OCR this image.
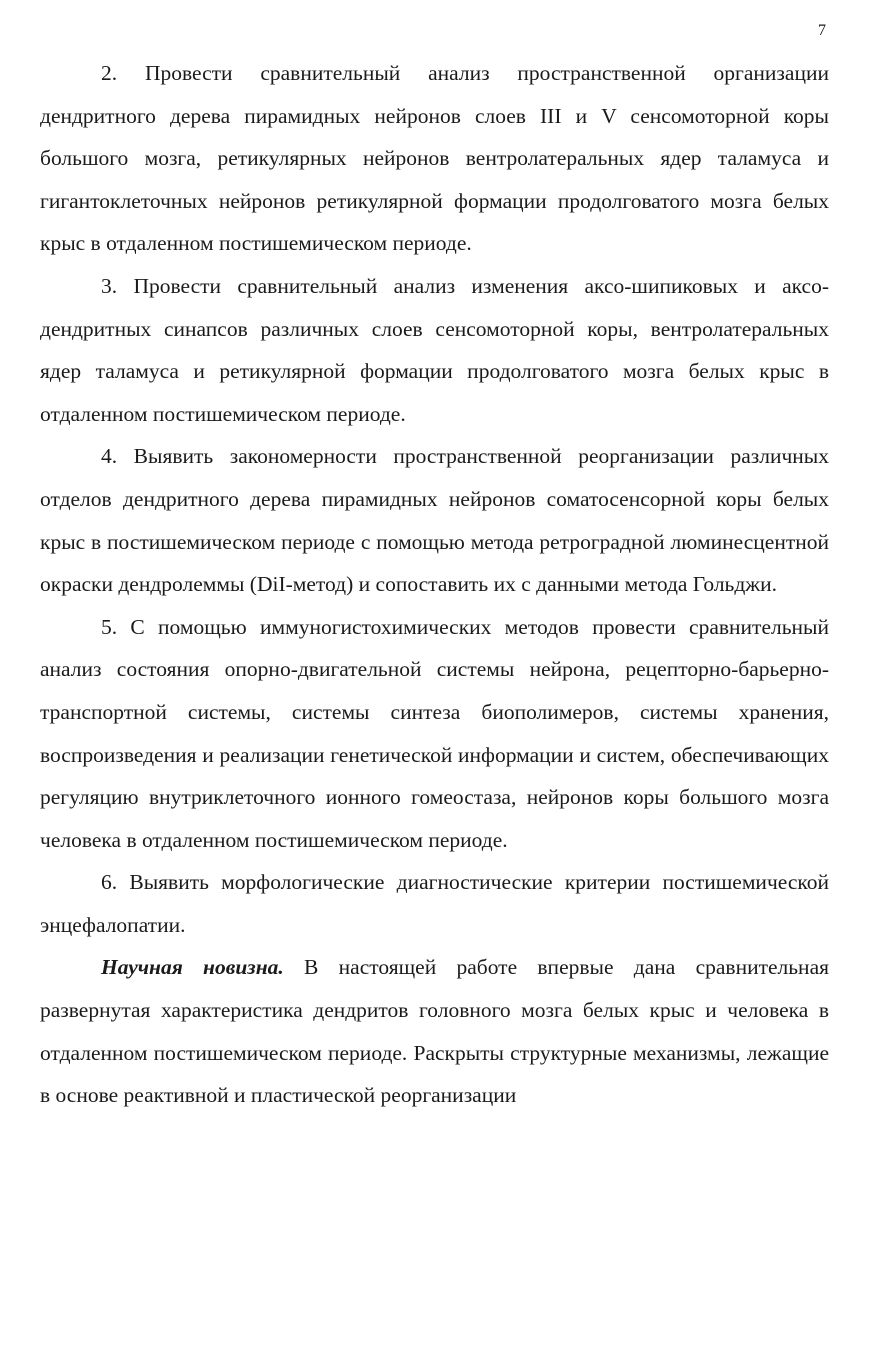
7

2. Провести сравнительный анализ пространственной организации дендритного дерева пирамидных нейронов слоев III и V сенсомоторной коры большого мозга, ретикулярных нейронов вентролатеральных ядер таламуса и гигантоклеточных нейронов ретикулярной формации продолговатого мозга белых крыс в отдаленном постишемическом периоде.

3. Провести сравнительный анализ изменения аксо-шипиковых и аксо-дендритных синапсов различных слоев сенсомоторной коры, вентролатеральных ядер таламуса и ретикулярной формации продолговатого мозга белых крыс в отдаленном постишемическом периоде.

4. Выявить закономерности пространственной реорганизации различных отделов дендритного дерева пирамидных нейронов соматосенсорной коры белых крыс в постишемическом периоде с помощью метода ретроградной люминесцентной окраски дендролеммы (DiI-метод) и сопоставить их с данными метода Гольджи.

5. С помощью иммуногистохимических методов провести сравнительный анализ состояния опорно-двигательной системы нейрона, рецепторно-барьерно-транспортной системы, системы синтеза биополимеров, системы хранения, воспроизведения и реализации генетической информации и систем, обеспечивающих регуляцию внутриклеточного ионного гомеостаза, нейронов коры большого мозга человека в отдаленном постишемическом периоде.

6. Выявить морфологические диагностические критерии постишемической энцефалопатии.

Научная новизна. В настоящей работе впервые дана сравнительная развернутая характеристика дендритов головного мозга белых крыс и человека в отдаленном постишемическом периоде. Раскрыты структурные механизмы, лежащие в основе реактивной и пластической реорганизации
